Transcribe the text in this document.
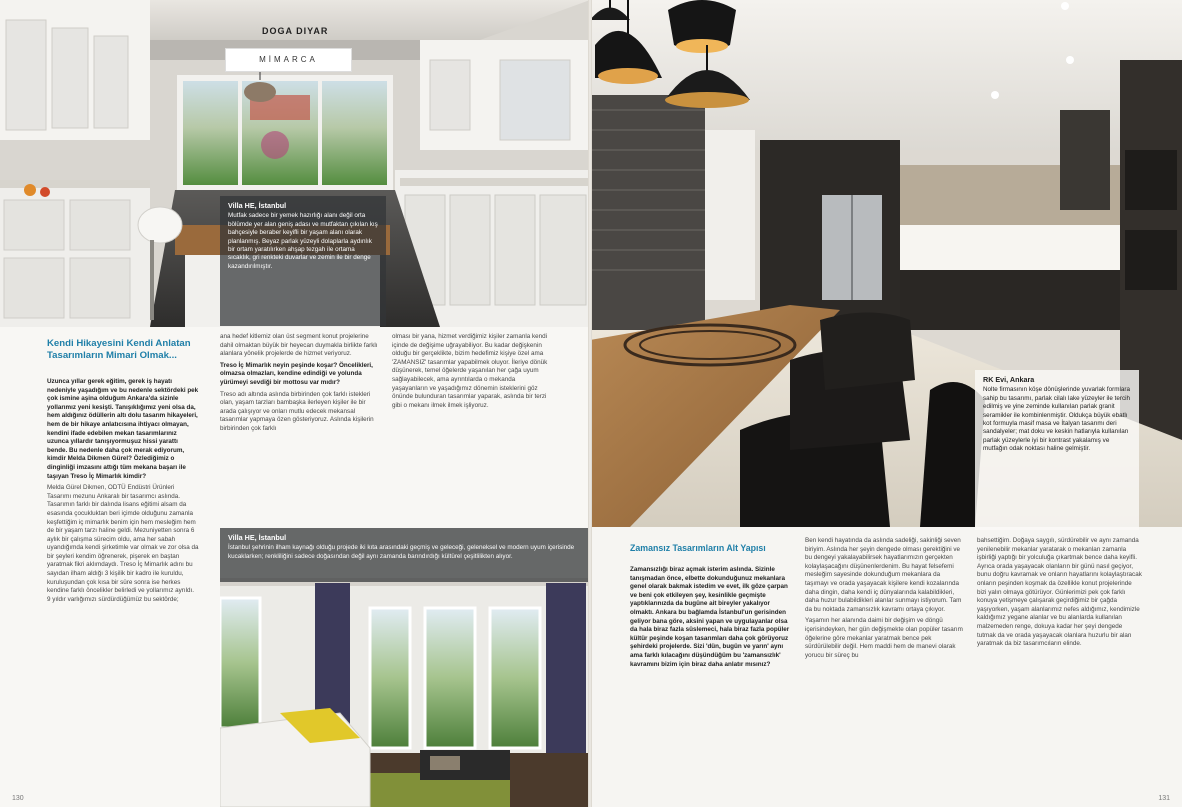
DOGA DIYAR
MİMARCA
Villa HE, İstanbul
Mutfak sadece bir yemek hazırlığı alanı değil orta bölümde yer alan geniş adası ve mutfaktan çıkılan kış bahçesiyle beraber keyifli bir yaşam alanı olarak planlanmış. Beyaz parlak yüzeyli dolaplarla aydınlık bir ortam yaratılırken ahşap tezgah ile ortama sıcaklık, gri renkteki duvarlar ve zemin ile bir denge kazandırılmıştır.
Kendi Hikayesini Kendi Anlatan Tasarımların Mimari Olmak...

Uzunca yıllar gerek eğitim, gerek iş hayatı nedeniyle yaşadığım ve bu nedenle sektördeki pek çok ismine aşina olduğum Ankara'da sizinle yollarımız yeni kesişti. Tanışıklığımız yeni olsa da, hem aldığınız ödüllerin altı dolu tasarım hikayeleri, hem de bir hikaye anlatıcısına ihtiyacı olmayan, kendini ifade edebilen mekan tasarımlarınız uzunca yıllardır tanışıyormuşuz hissi yarattı bende. Bu nedenle daha çok merak ediyorum, kimdir Melda Dikmen Gürel? Özlediğimiz o dinginliği imzasını attığı tüm mekana başarı ile taşıyan Treso İç Mimarlık kimdir?

Melda Gürel Dikmen, ODTÜ Endüstri Ürünleri Tasarımı mezunu Ankaralı bir tasarımcı aslında. Tasarımın farklı bir dalında lisans eğitimi alsam da esasında çocukluktan beri içimde olduğunu zamanla keşfettiğim iç mimarlık benim için hem mesleğim hem de bir yaşam tarzı haline geldi. Mezuniyetten sonra 6 aylık bir çalışma sürecim oldu, ama her sabah uyandığımda kendi şirketimle var olmak ve zor olsa da bir şeyleri kendim öğrenerek, pişerek en baştan yaratmak fikri aklımdaydı. Treso İç Mimarlık adını bu sayıdan ilham aldığı 3 kişilik bir kadro ile kuruldu, kuruluşundan çok kısa bir süre sonra ise herkes kendine farklı öncelikler belirledi ve yollarımız ayrıldı. 9 yıldır varlığımızı sürdürdüğümüz bu sektörde;

ana hedef kitlemiz olan üst segment konut projelerine dahil olmaktan büyük bir heyecan duymakla birlikte farklı alanlara yönelik projelerde de hizmet veriyoruz.

Treso İç Mimarlık neyin peşinde koşar? Öncelikleri, olmazsa olmazları, kendine edindiği ve yolunda yürümeyi sevdiği bir mottosu var mıdır?

Treso adı altında aslında birbirinden çok farklı istekleri olan, yaşam tarzları bambaşka ilerleyen kişiler ile bir arada çalışıyor ve onları mutlu edecek mekansal tasarımlar yapmaya özen gösteriyoruz. Aslında kişilerin birbirinden çok farklı

olması bir yana, hizmet verdiğimiz kişiler zamanla kendi içinde de değişime uğrayabiliyor. Bu kadar değişkenin olduğu bir gerçeklikte, bizim hedefimiz kişiye özel ama 'ZAMANSIZ' tasarımlar yapabilmek oluyor. İleriye dönük düşünerek, temel öğelerde yaşanılan her çağa uyum sağlayabilecek, ama ayrıntılarda o mekanda yaşayanların ve yaşadığımız dönemin isteklerini göz önünde bulunduran tasarımlar yaparak, aslında bir terzi gibi o mekanı ilmek ilmek işliyoruz.

Villa HE, İstanbul
İstanbul şehrinin ilham kaynağı olduğu projede iki kıta arasındaki geçmiş ve geleceği, geleneksel ve modern uyum içerisinde kucaklarken; renkliliğini sadece doğasından değil aynı zamanda barındırdığı kültürel çeşitlilikten alıyor.
130
RK Evi, Ankara
Nolte firmasının köşe dönüşlerinde yuvarlak formlara sahip bu tasarımı, parlak cilalı lake yüzeyler ile tercih edilmiş ve yine zeminde kullanılan parlak granit seramikler ile kombinlenmiştir. Oldukça büyük ebatlı kot formuyla masif masa ve İtalyan tasarımı deri sandalyeler; mat doku ve keskin hatlarıyla kullanılan parlak yüzeylerle iyi bir kontrast yakalamış ve mutfağın odak noktası haline gelmiştir.
Zamansız Tasarımların Alt Yapısı

Zamansızlığı biraz açmak isterim aslında. Sizinle tanışmadan önce, elbette dokunduğunuz mekanlara genel olarak bakmak istedim ve evet, ilk göze çarpan ve beni çok etkileyen şey, kesinlikle geçmişte yaptıklarınızda da bugüne ait bireyler yakalıyor olmaktı. Ankara bu bağlamda İstanbul'un gerisinden geliyor bana göre, aksini yapan ve uygulayanlar olsa da hala biraz fazla süslemeci, hala biraz fazla popüler kültür peşinde koşan tasarımları daha çok görüyoruz şehirdeki projelerde. Sizi 'dün, bugün ve yarın' aynı ama farklı kılacağını düşündüğüm bu 'zamansızlık' kavramını bizim için biraz daha anlatır mısınız?

Ben kendi hayatında da aslında sadeliği, sakinliği seven biriyim. Aslında her şeyin dengede olması gerektiğini ve bu dengeyi yakalayabilirsek hayatlarımızın gerçekten kolaylaşacağını düşünenlerdenim. Bu hayat felsefemi mesleğim sayesinde dokunduğum mekanlara da taşımayı ve orada yaşayacak kişilere kendi kozalarında daha dingin, daha kendi iç dünyalarında kalabildikleri, daha huzur bulabildikleri alanlar sunmayı istiyorum. Tam da bu noktada zamansızlık kavramı ortaya çıkıyor.

Yaşamın her alanında daimi bir değişim ve döngü içerisindeyken, her gün değişmekte olan popüler tasarım öğelerine göre mekanlar yaratmak bence pek sürdürülebilir değil. Hem maddi hem de manevi olarak yorucu bir süreç bu

bahsettiğim. Doğaya saygılı, sürdürebilir ve aynı zamanda yenilenebilir mekanlar yaratarak o mekanları zamanla işbirliği yaptığı bir yolculuğa çıkartmak bence daha keyifli. Ayrıca orada yaşayacak olanların bir günü nasıl geçiyor, bunu doğru kavramak ve onların hayatlarını kolaylaştıracak onların peşinden koşmak da özellikle konut projelerinde bizi yalın olmaya götürüyor. Günlerimizi pek çok farklı konuya yetişmeye çalışarak geçirdiğimiz bir çağda yaşıyorken, yaşam alanlarımız nefes aldığımız, kendimizle kaldığımız yegane alanlar ve bu alanlarda kullanılan malzemeden renge, dokuya kadar her şeyi dengede tutmak da ve orada yaşayacak olanlara huzurlu bir alan yaratmak da biz tasarımcıların elinde.

131
